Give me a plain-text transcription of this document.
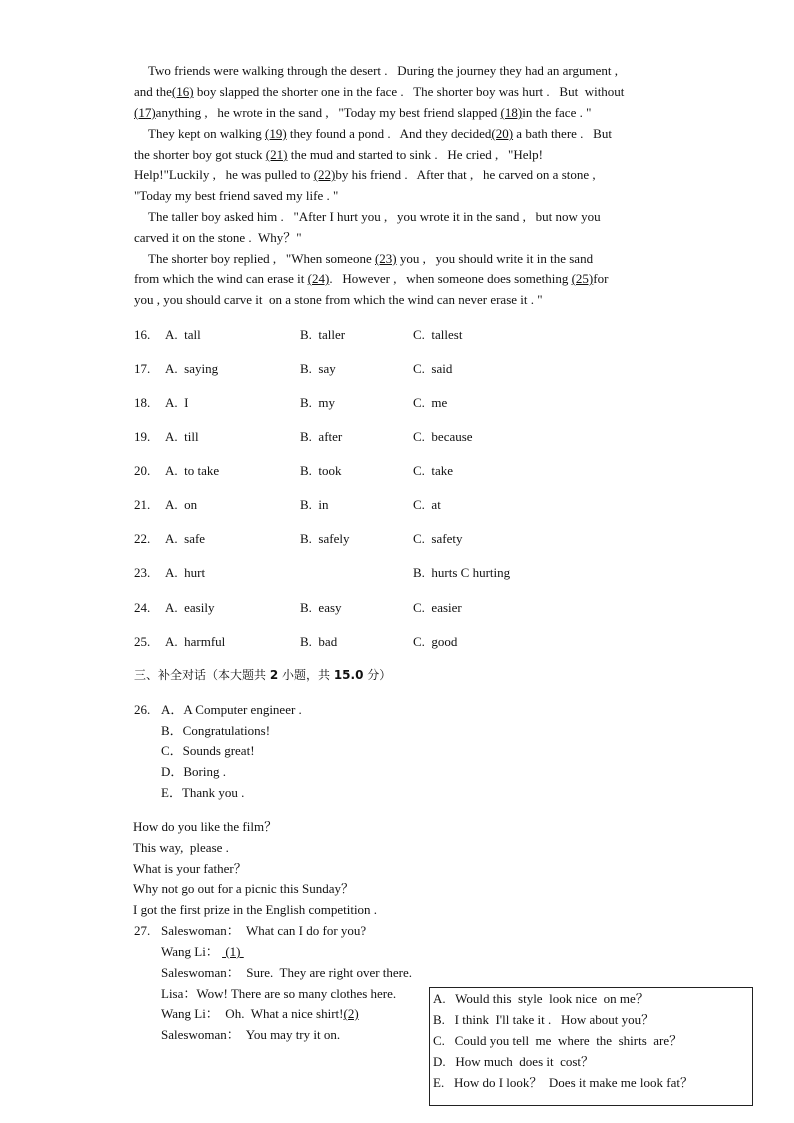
Two friends were walking through the desert .   During the journey they had an argument ,
and the(16) boy slapped the shorter one in the face .   The shorter boy was hurt .   But  without
(17)anything ,   he wrote in the sand ,   "Today my best friend slapped (18)in the face . "
They kept on walking (19) they found a pond .   And they decided(20) a bath there .   But
the shorter boy got stuck (21) the mud and started to sink .   He cried ,   "Help!
Help!"Luckily ,   he was pulled to (22)by his friend .   After that ,   he carved on a stone ,
"Today my best friend saved my life . "
The taller boy asked him .   "After I hurt you ,   you wrote it in the sand ,   but now you
carved it on the stone .  Why？"
The shorter boy replied ,   "When someone (23) you ,   you should write it in the sand
from which the wind can erase it (24).   However ,   when someone does something (25)for
you , you should carve it  on a stone from which the wind can never erase it . "
16. A.  tall	B.  taller	C.  tallest
17. A.  saying	B.  say	C.  said
18. A.  I	B.  my	C.  me
19. A.  till	B.  after	C.  because
20. A.  to take	B.  took	C.  take
21. A.  on	B.  in	C.  at
22. A.  safe	B.  safely	C.  safety
23. A.  hurt	B.  hurts C hurting
24. A.  easily	B.  easy	C.  easier
25. A.  harmful	B.  bad	C.  good
三、补全对话（本大题共 2 小题，共 15.0 分）
26. A．A Computer engineer .
B．Congratulations!
C．Sounds great!
D．Boring .
E．Thank you .
How do you like the film？
This way,  please .
What is your father？
Why not go out for a picnic this Sunday？
I got the first prize in the English competition .
27. Saleswoman：  What can I do for you?
Wang Li：  (1)
Saleswoman：  Sure.  They are right over there.
Lisa：Wow! There are so many clothes here.
Wang Li：  Oh.  What a nice shirt!(2)
Saleswoman：  You may try it on.
A.   Would this  style  look nice  on me？
B.   I think  I'll take it .   How about you？
C.   Could you tell  me  where  the  shirts  are？
D.   How much  does it  cost？
E.   How do I look？  Does it make me look fat？
